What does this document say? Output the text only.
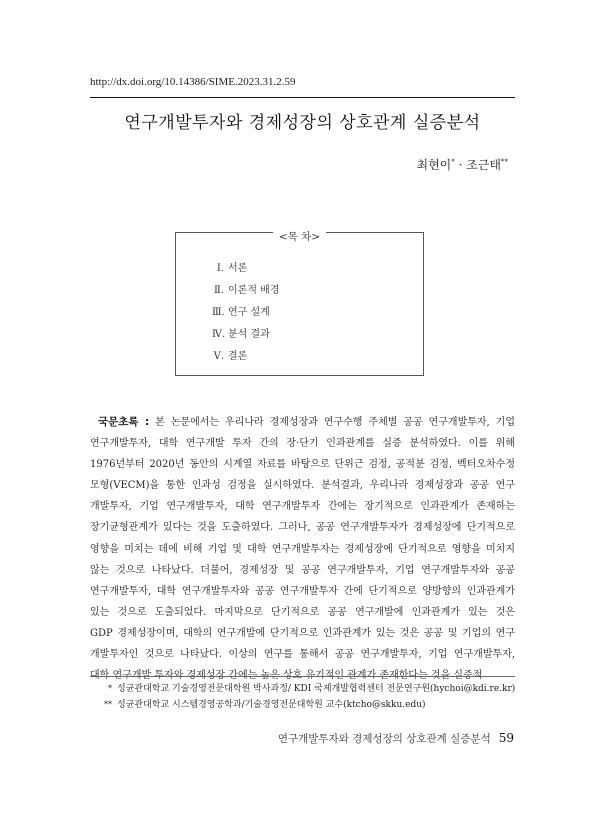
http://dx.doi.org/10.14386/SIME.2023.31.2.59
연구개발투자와 경제성장의 상호관계 실증분석
최현이* · 조근태**
<목 차>
Ⅰ. 서론
Ⅱ. 이론적 배경
Ⅲ. 연구 설계
Ⅳ. 분석 결과
Ⅴ. 결론
국문초록 : 본 논문에서는 우리나라 경제성장과 연구수행 주체별 공공 연구개발투자, 기업
연구개발투자, 대학 연구개발 투자 간의 장·단기 인과관계를 실증 분석하였다. 이를 위해
1976년부터 2020년 동안의 시계열 자료를 바탕으로 단위근 검정, 공적분 검정, 벡터오차수정
모형(VECM)을 통한 인과성 검정을 실시하였다. 분석결과, 우리나라 경제성장과 공공 연구
개발투자, 기업 연구개발투자, 대학 연구개발투자 간에는 장기적으로 인과관계가 존재하는
장기균형관계가 있다는 것을 도출하였다. 그러나, 공공 연구개발투자가 경제성장에 단기적으로
영향을 미치는 데에 비해 기업 및 대학 연구개발투자는 경제성장에 단기적으로 영향을 미치지
않는 것으로 나타났다. 더불어, 경제성장 및 공공 연구개발투자, 기업 연구개발투자와 공공
연구개발투자, 대학 연구개발투자와 공공 연구개발투자 간에 단기적으로 양방향의 인과관계가
있는 것으로 도출되었다. 마지막으로 단기적으로 공공 연구개발에 인과관계가 있는 것은
GDP 경제성장이며, 대학의 연구개발에 단기적으로 인과관계가 있는 것은 공공 및 기업의 연구
개발투자인 것으로 나타났다. 이상의 연구를 통해서 공공 연구개발투자, 기업 연구개발투자,
대학 연구개발 투자와 경제성장 간에는 높은 상호 유기적인 관계가 존재한다는 것을 실증적
* 성균관대학교 기술경영전문대학원 박사과정/ KDI 국제개발협력센터 전문연구원(hychoi@kdi.re.kr)
** 성균관대학교 시스템경영공학과/기술경영전문대학원 교수(ktcho@skku.edu)
연구개발투자와 경제성장의 상호관계 실증분석 59
